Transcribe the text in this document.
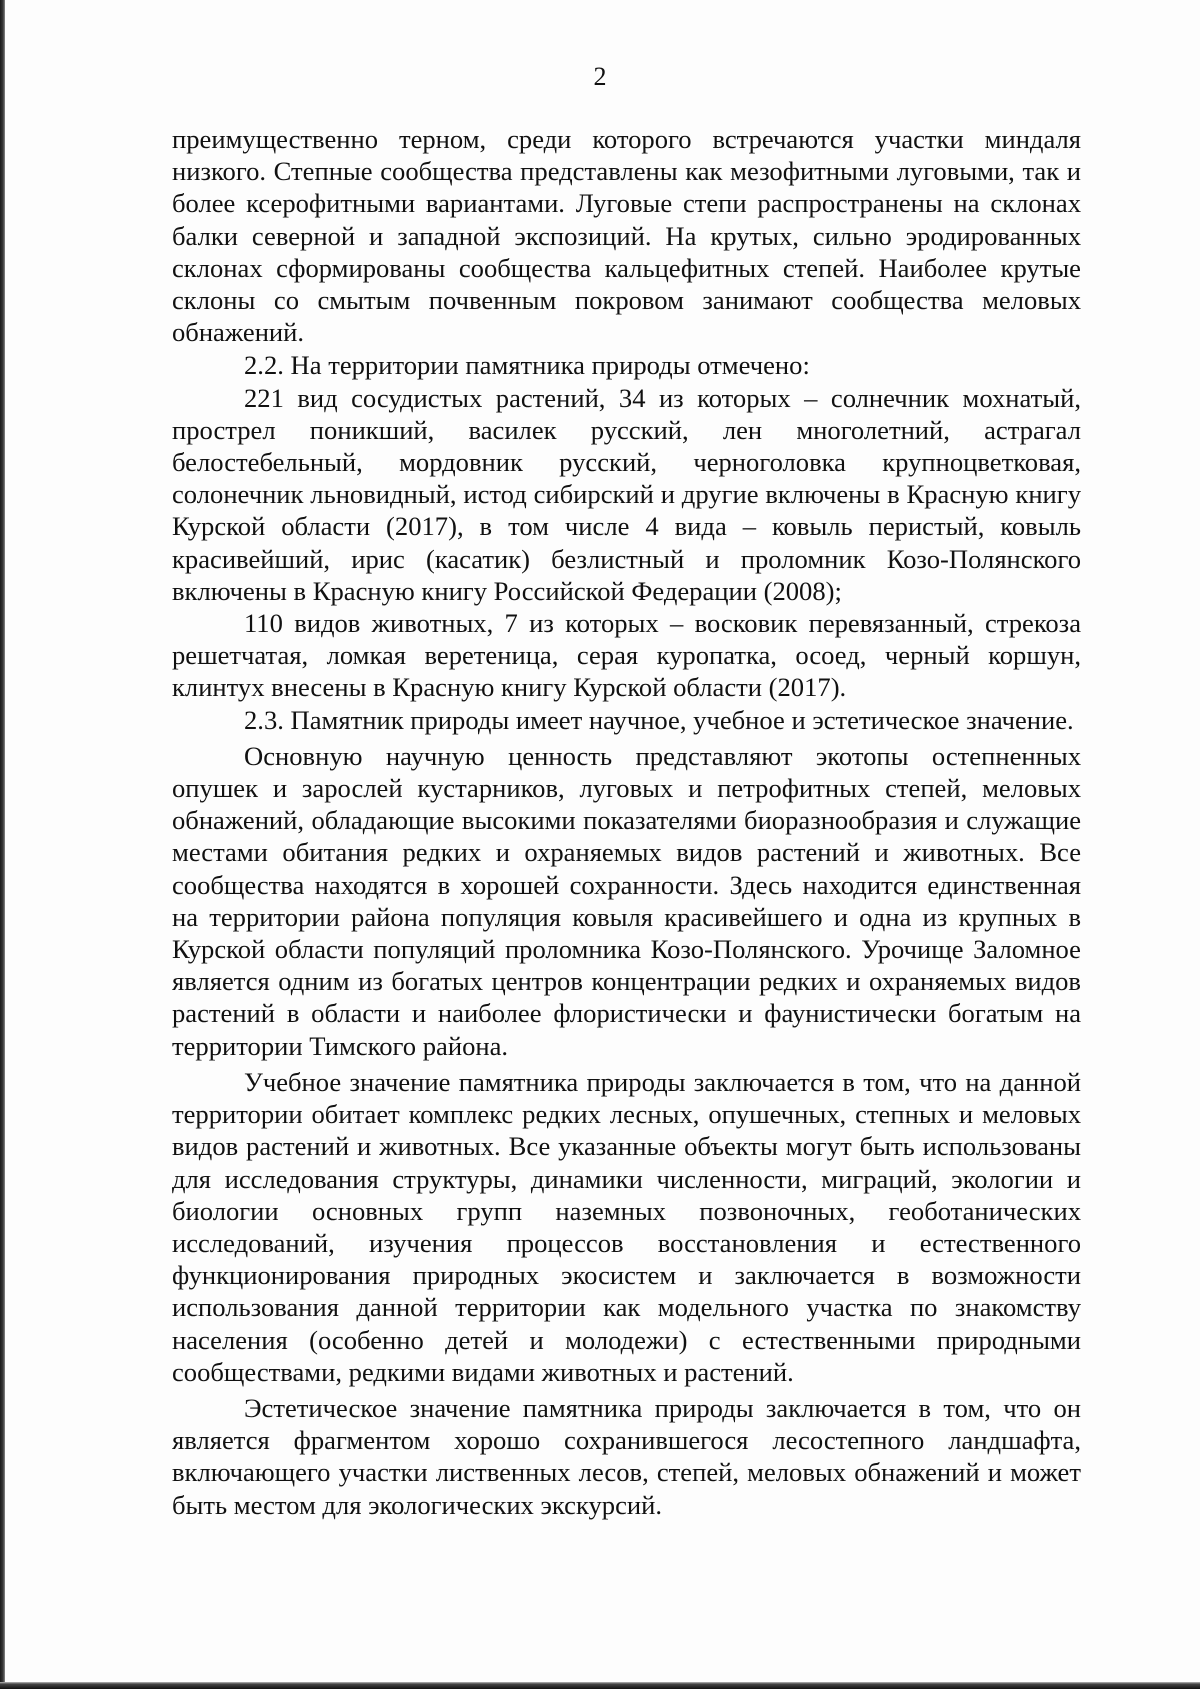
2

преимущественно терном, среди которого встречаются участки миндаля низкого. Степные сообщества представлены как мезофитными луговыми, так и более ксерофитными вариантами. Луговые степи распространены на склонах балки северной и западной экспозиций. На крутых, сильно эродированных склонах сформированы сообщества кальцефитных степей. Наиболее крутые склоны со смытым почвенным покровом занимают сообщества меловых обнажений.

2.2. На территории памятника природы отмечено:

221 вид сосудистых растений, 34 из которых – солнечник мохнатый, прострел поникший, василек русский, лен многолетний, астрагал белостебельный, мордовник русский, черноголовка крупноцветковая, солонечник льновидный, истод сибирский и другие включены в Красную книгу Курской области (2017), в том числе 4 вида – ковыль перистый, ковыль красивейший, ирис (касатик) безлистный и проломник Козо-Полянского включены в Красную книгу Российской Федерации (2008);

110 видов животных, 7 из которых – восковик перевязанный, стрекоза решетчатая, ломкая веретеница, серая куропатка, осоед, черный коршун, клинтух внесены в Красную книгу Курской области (2017).

2.3. Памятник природы имеет научное, учебное и эстетическое значение.

Основную научную ценность представляют экотопы остепненных опушек и зарослей кустарников, луговых и петрофитных степей, меловых обнажений, обладающие высокими показателями биоразнообразия и служащие местами обитания редких и охраняемых видов растений и животных. Все сообщества находятся в хорошей сохранности. Здесь находится единственная на территории района популяция ковыля красивейшего и одна из крупных в Курской области популяций проломника Козо-Полянского. Урочище Заломное является одним из богатых центров концентрации редких и охраняемых видов растений в области и наиболее флористически и фаунистически богатым на территории Тимского района.

Учебное значение памятника природы заключается в том, что на данной территории обитает комплекс редких лесных, опушечных, степных и меловых видов растений и животных. Все указанные объекты могут быть использованы для исследования структуры, динамики численности, миграций, экологии и биологии основных групп наземных позвоночных, геоботанических исследований, изучения процессов восстановления и естественного функционирования природных экосистем и заключается в возможности использования данной территории как модельного участка по знакомству населения (особенно детей и молодежи) с естественными природными сообществами, редкими видами животных и растений.

Эстетическое значение памятника природы заключается в том, что он является фрагментом хорошо сохранившегося лесостепного ландшафта, включающего участки лиственных лесов, степей, меловых обнажений и может быть местом для экологических экскурсий.
